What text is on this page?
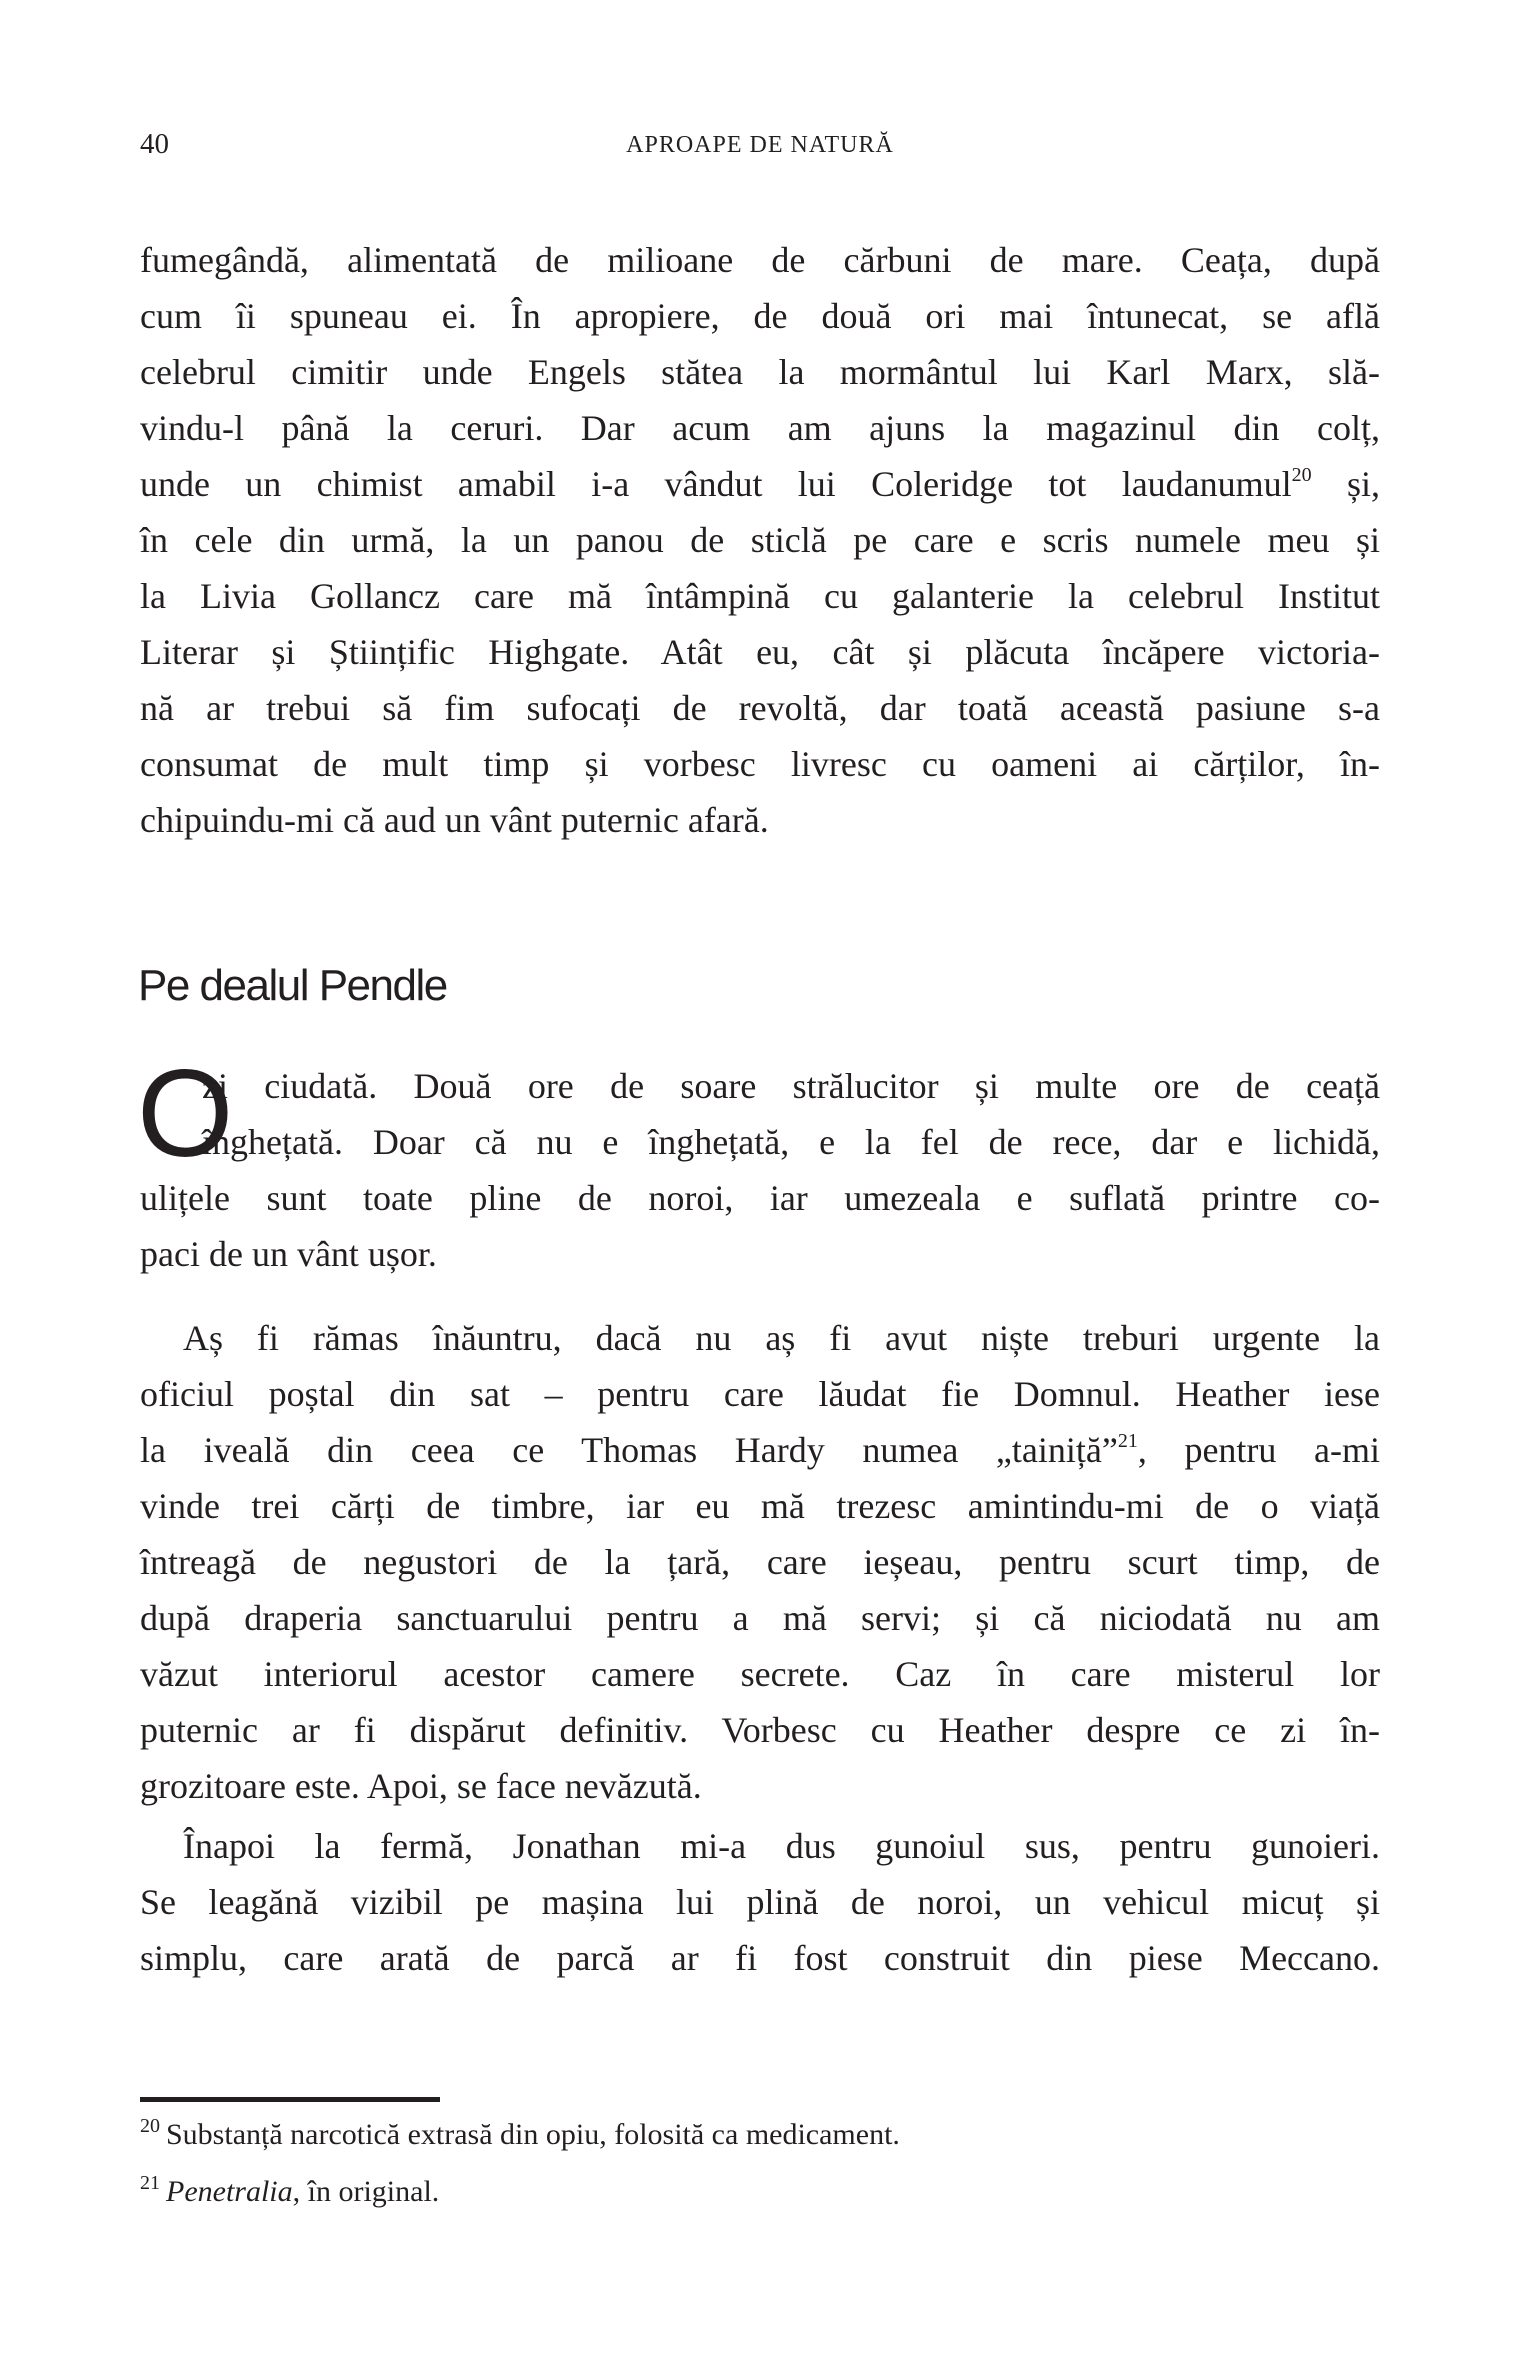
40	APROAPE DE NATURĂ
fumegândă, alimentată de milioane de cărbuni de mare. Ceața, după
cum îi spuneau ei. În apropiere, de două ori mai întunecat, se află
celebrul cimitir unde Engels stătea la mormântul lui Karl Marx, slă-
vindu-l până la ceruri. Dar acum am ajuns la magazinul din colț,
unde un chimist amabil i-a vândut lui Coleridge tot laudanumul$^{20}$ și,
în cele din urmă, la un panou de sticlă pe care e scris numele meu și
la Livia Gollancz care mă întâmpină cu galanterie la celebrul Institut
Literar și Științific Highgate. Atât eu, cât și plăcuta încăpere victoria-
nă ar trebui să fim sufocați de revoltă, dar toată această pasiune s-a
consumat de mult timp și vorbesc livresc cu oameni ai cărților, în-
chipuindu-mi că aud un vânt puternic afară.
Pe dealul Pendle
O
zi ciudată. Două ore de soare strălucitor și multe ore de ceață
înghețată. Doar că nu e înghețată, e la fel de rece, dar e lichidă,
ulițele sunt toate pline de noroi, iar umezeala e suflată printre co-
paci de un vânt ușor.
Aș fi rămas înăuntru, dacă nu aș fi avut niște treburi urgente la
oficiul poștal din sat – pentru care lăudat fie Domnul. Heather iese
la iveală din ceea ce Thomas Hardy numea „tainiță”$^{21}$, pentru a-mi
vinde trei cărți de timbre, iar eu mă trezesc amintindu-mi de o viață
întreagă de negustori de la țară, care ieșeau, pentru scurt timp, de
după draperia sanctuarului pentru a mă servi; și că niciodată nu am
văzut interiorul acestor camere secrete. Caz în care misterul lor
puternic ar fi dispărut definitiv. Vorbesc cu Heather despre ce zi în-
grozitoare este. Apoi, se face nevăzută.
Înapoi la fermă, Jonathan mi-a dus gunoiul sus, pentru gunoieri.
Se leagănă vizibil pe mașina lui plină de noroi, un vehicul micuț și
simplu, care arată de parcă ar fi fost construit din piese Meccano.
$^{20}$ Substanță narcotică extrasă din opiu, folosită ca medicament.
$^{21}$ Penetralia, în original.
